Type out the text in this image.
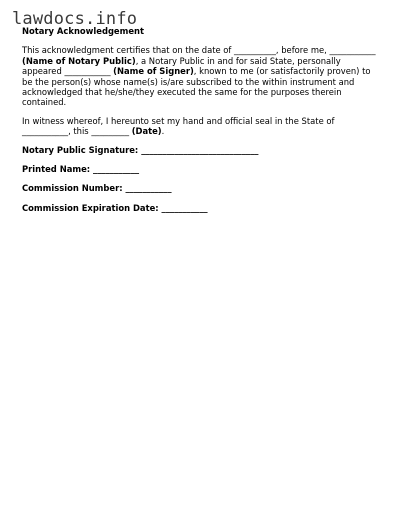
lawdocs.info
Notary Acknowledgement

This acknowledgment certifies that on the date of __________, before me, ___________ (Name of Notary Public), a Notary Public in and for said State, personally appeared ___________ (Name of Signer), known to me (or satisfactorily proven) to be the person(s) whose name(s) is/are subscribed to the within instrument and acknowledged that he/she/they executed the same for the purposes therein contained.

In witness whereof, I hereunto set my hand and official seal in the State of ___________, this _________ (Date).

Notary Public Signature: ____________________________
Printed Name: ___________
Commission Number: ___________
Commission Expiration Date: ___________
